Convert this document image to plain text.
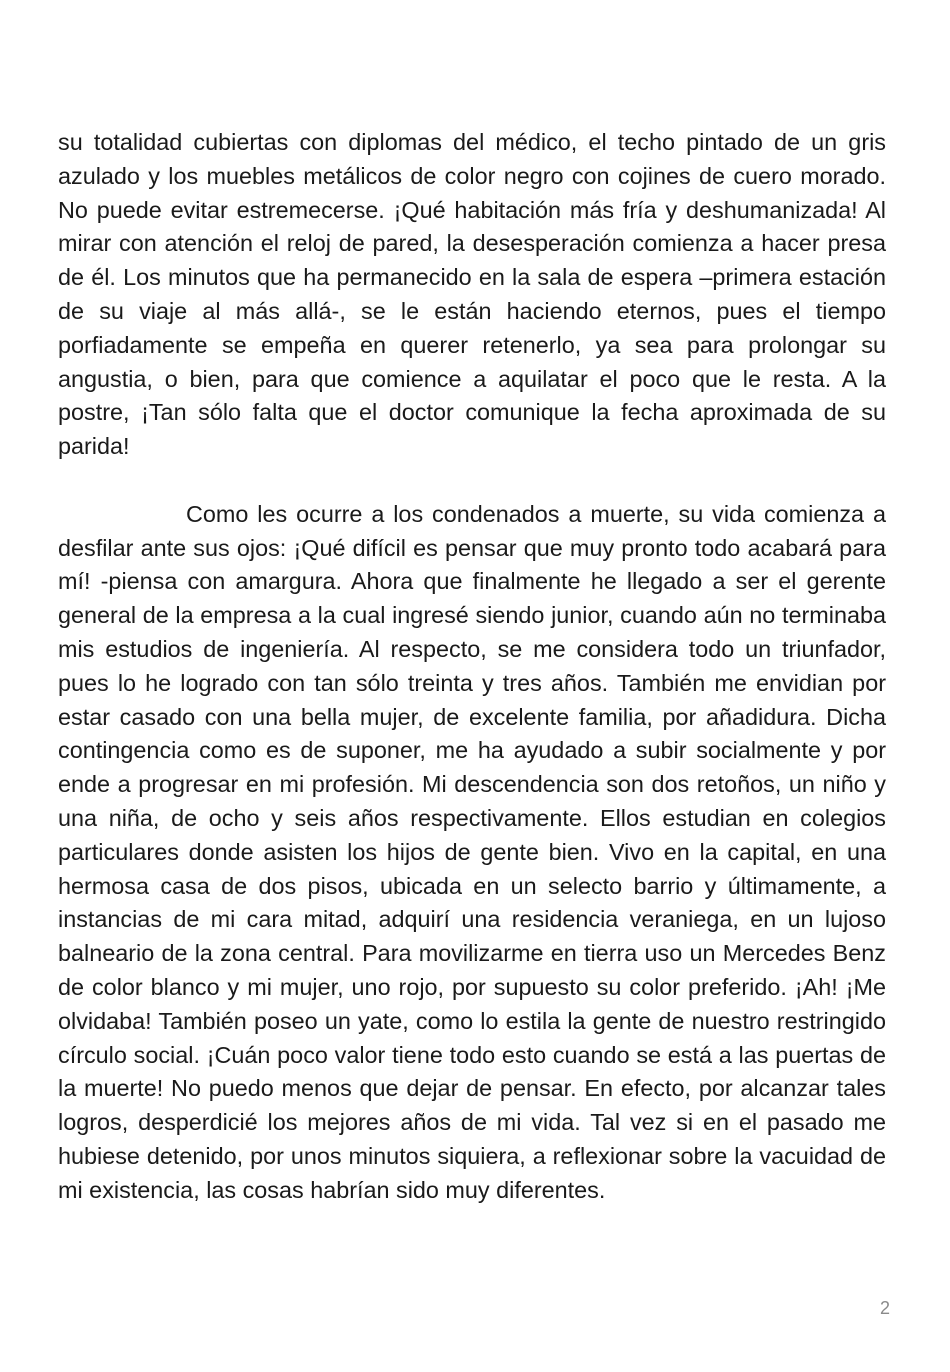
su totalidad cubiertas con diplomas del médico, el techo pintado de un gris azulado y los muebles metálicos de color negro con cojines de cuero morado. No puede evitar estremecerse. ¡Qué habitación más fría y deshumanizada! Al mirar con atención el reloj de pared, la desesperación comienza a hacer presa de él. Los minutos que ha permanecido en la sala de espera –primera estación de su viaje al más allá-, se le están haciendo eternos, pues el tiempo porfiadamente se empeña en querer retenerlo, ya sea para prolongar su angustia, o bien, para que comience a aquilatar el poco que le resta. A la postre, ¡Tan sólo falta que el doctor comunique la fecha aproximada de su parida!

Como les ocurre a los condenados a muerte, su vida comienza a desfilar ante sus ojos: ¡Qué difícil es pensar que muy pronto todo acabará para mí! -piensa con amargura. Ahora que finalmente he llegado a ser el gerente general de la empresa a la cual ingresé siendo junior, cuando aún no terminaba mis estudios de ingeniería. Al respecto, se me considera todo un triunfador, pues lo he logrado con tan sólo treinta y tres años. También me envidian por estar casado con una bella mujer, de excelente familia, por añadidura. Dicha contingencia como es de suponer, me ha ayudado a subir socialmente y por ende a progresar en mi profesión. Mi descendencia son dos retoños, un niño y una niña, de ocho y seis años respectivamente. Ellos estudian en colegios particulares donde asisten los hijos de gente bien. Vivo en la capital, en una hermosa casa de dos pisos, ubicada en un selecto barrio y últimamente, a instancias de mi cara mitad, adquirí una residencia veraniega, en un lujoso balneario de la zona central. Para movilizarme en tierra uso un Mercedes Benz de color blanco y mi mujer, uno rojo, por supuesto su color preferido. ¡Ah! ¡Me olvidaba! También poseo un yate, como lo estila la gente de nuestro restringido círculo social. ¡Cuán poco valor tiene todo esto cuando se está a las puertas de la muerte! No puedo menos que dejar de pensar. En efecto, por alcanzar tales logros, desperdicié los mejores años de mi vida. Tal vez si en el pasado me hubiese detenido, por unos minutos siquiera, a reflexionar sobre la vacuidad de mi existencia, las cosas habrían sido muy diferentes.

2
